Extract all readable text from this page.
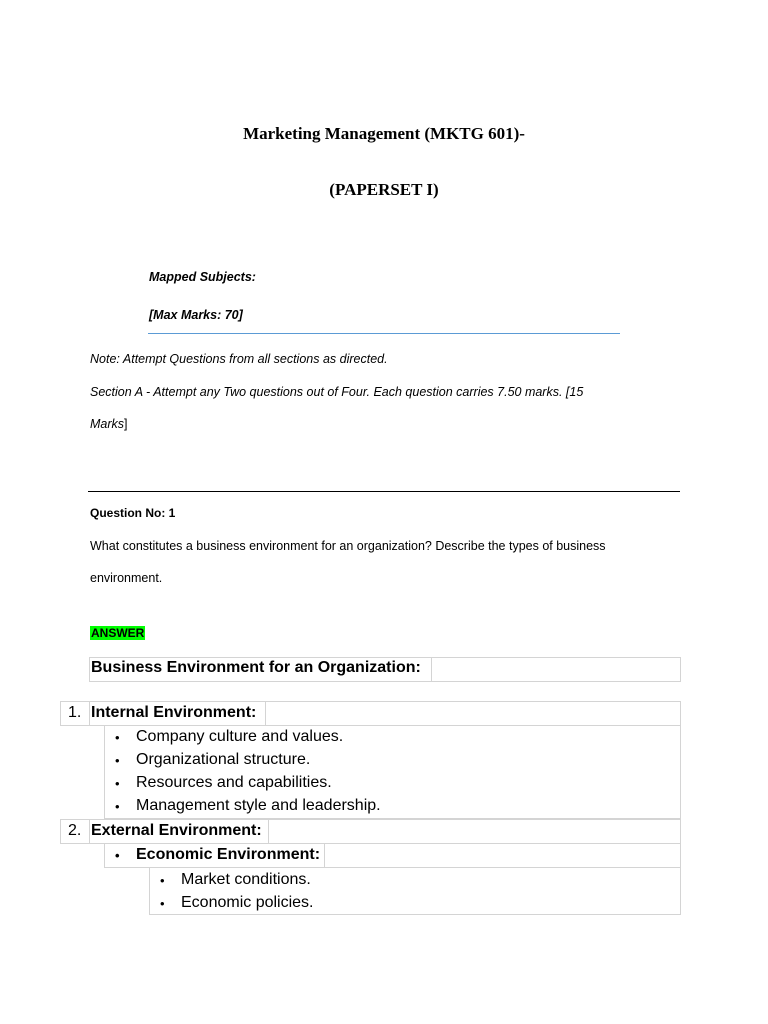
Marketing Management (MKTG 601)-
(PAPERSET I)
Mapped Subjects:
[Max Marks: 70]
Note: Attempt Questions from all sections as directed.
Section A - Attempt any Two questions out of Four. Each question carries 7.50 marks. [15
Marks]
Question No: 1
What constitutes a business environment for an organization? Describe the types of business
environment.
ANSWER
Business Environment for an Organization:
1. Internal Environment:
• Company culture and values.
• Organizational structure.
• Resources and capabilities.
• Management style and leadership.
2. External Environment:
• Economic Environment:
• Market conditions.
• Economic policies.
